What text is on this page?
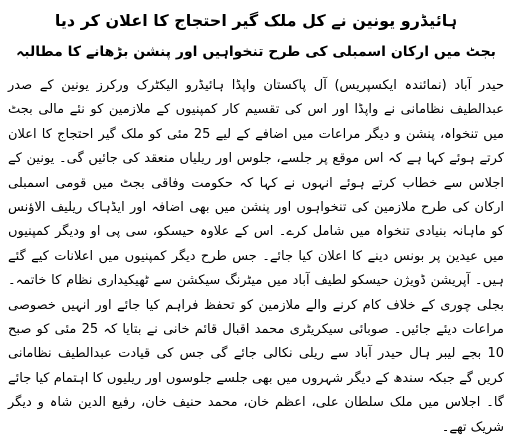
ہائیڈرو یونین نے کل ملک گیر احتجاج کا اعلان کر دیا
بجٹ میں ارکان اسمبلی کی طرح تنخواہیں اور پنشن بڑھانے کا مطالبہ

حیدر آباد (نمائندہ ایکسپریس) آل پاکستان واپڈا ہائیڈرو الیکٹرک ورکرز یونین کے صدر عبدالطیف نظامانی نے واپڈا اور اس کی تقسیم کار کمپنیوں کے ملازمین کو نئے مالی بجٹ میں تنخواہ، پنشن و دیگر مراعات میں اضافے کے لیے 25 مئی کو ملک گیر احتجاج کا اعلان کرتے ہوئے کہا ہے کہ اس موقع پر جلسے، جلوس اور ریلیاں منعقد کی جائیں گی۔ یونین کے اجلاس سے خطاب کرتے ہوئے انہوں نے کہا کہ حکومت وفاقی بجٹ میں قومی اسمبلی ارکان کی طرح ملازمین کی تنخواہوں اور پنشن میں بھی اضافہ اور ایڈہاک ریلیف الاؤنس کو ماہانہ بنیادی تنخواہ میں شامل کرے۔ اس کے علاوہ حیسکو، سی پی او ودیگر کمپنیوں میں عیدین پر بونس دینے کا اعلان کیا جائے۔ جس طرح دیگر کمپنیوں میں اعلانات کیے گئے ہیں۔ آپریشن ڈویژن حیسکو لطیف آباد میں میٹرنگ سیکشن سے ٹھیکیداری نظام کا خاتمہ۔ بجلی چوری کے خلاف کام کرنے والے ملازمین کو تحفظ فراہم کیا جائے اور انہیں خصوصی مراعات دیئے جائیں۔ صوبائی سیکریٹری محمد اقبال قائم خانی نے بتایا کہ 25 مئی کو صبح 10 بجے لیبر ہال حیدر آباد سے ریلی نکالی جائے گی جس کی قیادت عبدالطیف نظامانی کریں گے جبکہ سندھ کے دیگر شہروں میں بھی جلسے جلوسوں اور ریلیوں کا اہتمام کیا جائے گا۔ اجلاس میں ملک سلطان علی، اعظم خان، محمد حنیف خان، رفیع الدین شاہ و دیگر شریک تھے۔
